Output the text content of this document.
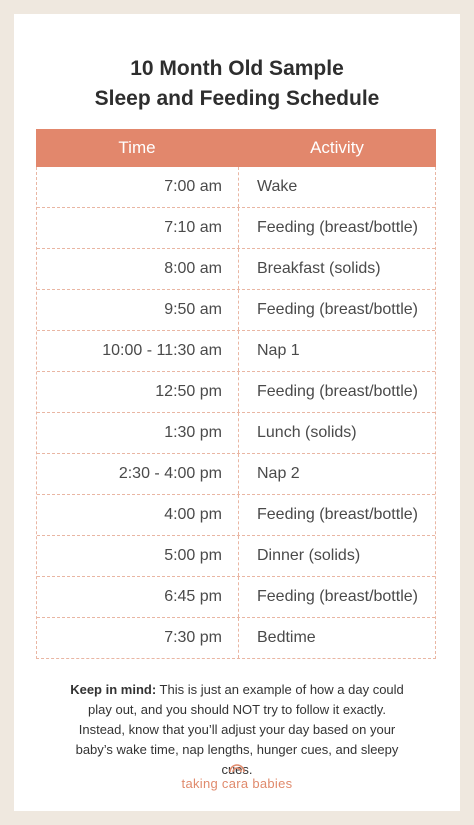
10 Month Old Sample
Sleep and Feeding Schedule
Time	Activity
7:00 am	Wake
7:10 am	Feeding (breast/bottle)
8:00 am	Breakfast (solids)
9:50 am	Feeding (breast/bottle)
10:00 - 11:30 am	Nap 1
12:50 pm	Feeding (breast/bottle)
1:30 pm	Lunch (solids)
2:30 - 4:00 pm	Nap 2
4:00 pm	Feeding (breast/bottle)
5:00 pm	Dinner (solids)
6:45 pm	Feeding (breast/bottle)
7:30 pm	Bedtime
Keep in mind: This is just an example of how a day could play out, and you should NOT try to follow it exactly. Instead, know that you’ll adjust your day based on your baby’s wake time, nap lengths, hunger cues, and sleepy cues.
taking cara babies
